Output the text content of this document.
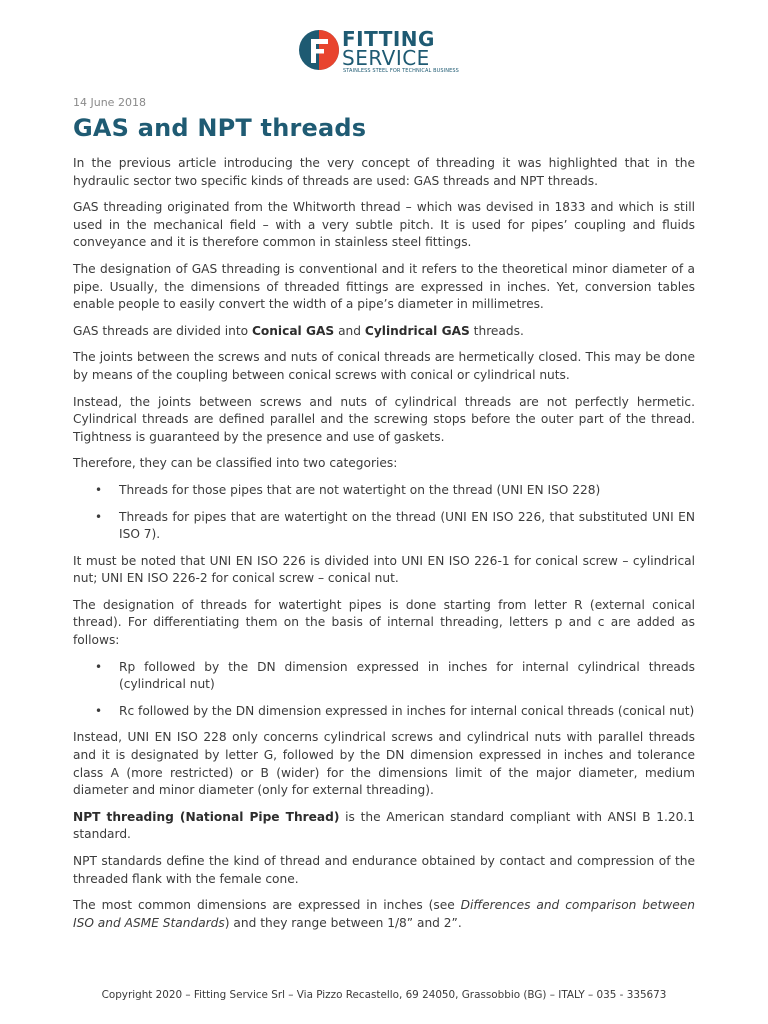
FITTING
SERVICE
STAINLESS STEEL FOR TECHNICAL BUSINESS
14 June 2018
GAS and NPT threads

In the previous article introducing the very concept of threading it was highlighted that in the hydraulic sector two specific kinds of threads are used: GAS threads and NPT threads.

GAS threading originated from the Whitworth thread – which was devised in 1833 and which is still used in the mechanical field – with a very subtle pitch. It is used for pipes’ coupling and fluids conveyance and it is therefore common in stainless steel fittings.

The designation of GAS threading is conventional and it refers to the theoretical minor diameter of a pipe. Usually, the dimensions of threaded fittings are expressed in inches. Yet, conversion tables enable people to easily convert the width of a pipe’s diameter in millimetres.

GAS threads are divided into Conical GAS and Cylindrical GAS threads.

The joints between the screws and nuts of conical threads are hermetically closed. This may be done by means of the coupling between conical screws with conical or cylindrical nuts.

Instead, the joints between screws and nuts of cylindrical threads are not perfectly hermetic. Cylindrical threads are defined parallel and the screwing stops before the outer part of the thread. Tightness is guaranteed by the presence and use of gaskets.

Therefore, they can be classified into two categories:

• Threads for those pipes that are not watertight on the thread (UNI EN ISO 228)
• Threads for pipes that are watertight on the thread (UNI EN ISO 226, that substituted UNI EN ISO 7).

It must be noted that UNI EN ISO 226 is divided into UNI EN ISO 226-1 for conical screw – cylindrical nut; UNI EN ISO 226-2 for conical screw – conical nut.

The designation of threads for watertight pipes is done starting from letter R (external conical thread). For differentiating them on the basis of internal threading, letters p and c are added as follows:

• Rp followed by the DN dimension expressed in inches for internal cylindrical threads (cylindrical nut)
• Rc followed by the DN dimension expressed in inches for internal conical threads (conical nut)

Instead, UNI EN ISO 228 only concerns cylindrical screws and cylindrical nuts with parallel threads and it is designated by letter G, followed by the DN dimension expressed in inches and tolerance class A (more restricted) or B (wider) for the dimensions limit of the major diameter, medium diameter and minor diameter (only for external threading).

NPT threading (National Pipe Thread) is the American standard compliant with ANSI B 1.20.1 standard.

NPT standards define the kind of thread and endurance obtained by contact and compression of the threaded flank with the female cone.

The most common dimensions are expressed in inches (see Differences and comparison between ISO and ASME Standards) and they range between 1/8” and 2”.

Copyright 2020 – Fitting Service Srl – Via Pizzo Recastello, 69 24050, Grassobbio (BG) – ITALY – 035 - 335673
